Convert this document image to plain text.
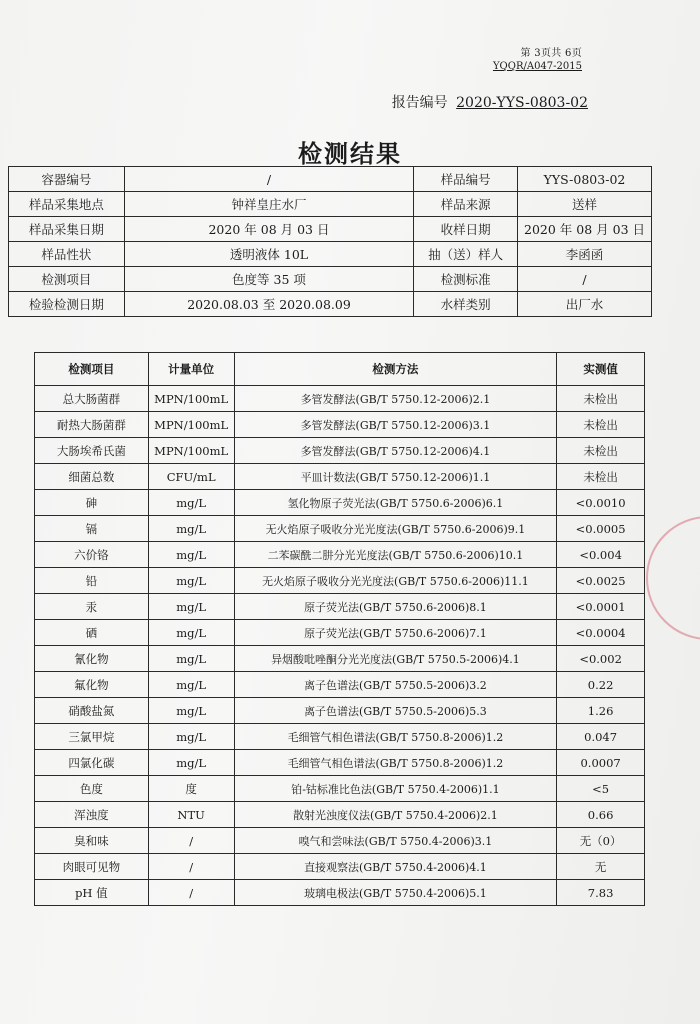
第 3页共 6页
YQQR/A047-2015
报告编号 2020-YYS-0803-02
检测结果
容器编号	/	样品编号	YYS-0803-02
样品采集地点	钟祥皇庄水厂	样品来源	送样
样品采集日期	2020 年 08 月 03 日	收样日期	2020 年 08 月 03 日
样品性状	透明液体 10L	抽（送）样人	李函函
检测项目	色度等 35 项	检测标准	/
检验检测日期	2020.08.03 至 2020.08.09	水样类别	出厂水
检测项目	计量单位	检测方法	实测值
总大肠菌群	MPN/100mL	多管发酵法(GB/T 5750.12-2006)2.1	未检出
耐热大肠菌群	MPN/100mL	多管发酵法(GB/T 5750.12-2006)3.1	未检出
大肠埃希氏菌	MPN/100mL	多管发酵法(GB/T 5750.12-2006)4.1	未检出
细菌总数	CFU/mL	平皿计数法(GB/T 5750.12-2006)1.1	未检出
砷	mg/L	氢化物原子荧光法(GB/T 5750.6-2006)6.1	<0.0010
镉	mg/L	无火焰原子吸收分光光度法(GB/T 5750.6-2006)9.1	<0.0005
六价铬	mg/L	二苯碳酰二肼分光光度法(GB/T 5750.6-2006)10.1	<0.004
铅	mg/L	无火焰原子吸收分光光度法(GB/T 5750.6-2006)11.1	<0.0025
汞	mg/L	原子荧光法(GB/T 5750.6-2006)8.1	<0.0001
硒	mg/L	原子荧光法(GB/T 5750.6-2006)7.1	<0.0004
氰化物	mg/L	异烟酸吡唑酮分光光度法(GB/T 5750.5-2006)4.1	<0.002
氟化物	mg/L	离子色谱法(GB/T 5750.5-2006)3.2	0.22
硝酸盐氮	mg/L	离子色谱法(GB/T 5750.5-2006)5.3	1.26
三氯甲烷	mg/L	毛细管气相色谱法(GB/T 5750.8-2006)1.2	0.047
四氯化碳	mg/L	毛细管气相色谱法(GB/T 5750.8-2006)1.2	0.0007
色度	度	铂-钴标准比色法(GB/T 5750.4-2006)1.1	<5
浑浊度	NTU	散射光浊度仪法(GB/T 5750.4-2006)2.1	0.66
臭和味	/	嗅气和尝味法(GB/T 5750.4-2006)3.1	无（0）
肉眼可见物	/	直接观察法(GB/T 5750.4-2006)4.1	无
pH 值	/	玻璃电极法(GB/T 5750.4-2006)5.1	7.83
